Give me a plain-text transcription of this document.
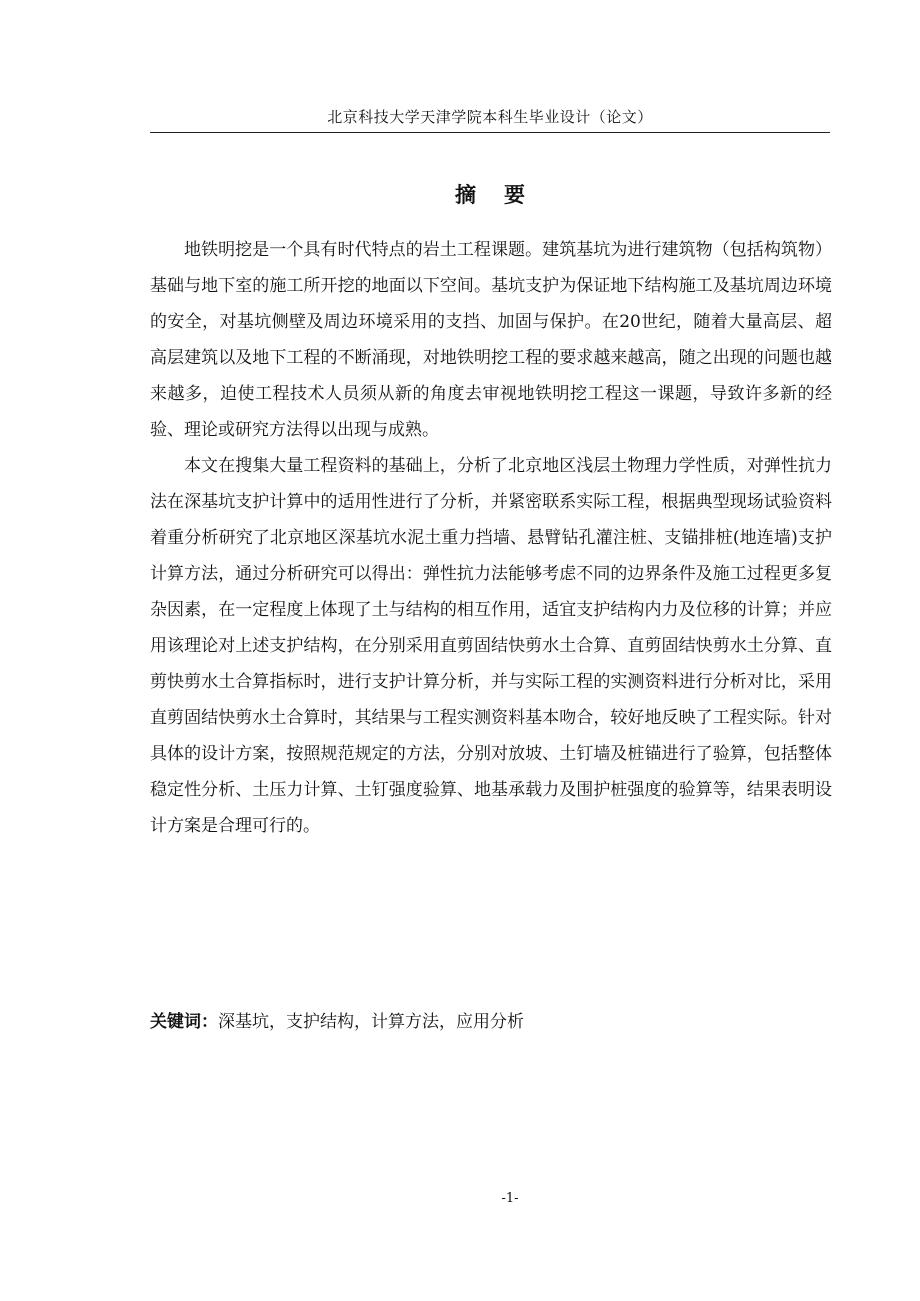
北京科技大学天津学院本科生毕业设计（论文）
摘要

地铁明挖是一个具有时代特点的岩土工程课题。建筑基坑为进行建筑物（包括构筑物）基础与地下室的施工所开挖的地面以下空间。基坑支护为保证地下结构施工及基坑周边环境的安全，对基坑侧壁及周边环境采用的支挡、加固与保护。在20世纪，随着大量高层、超高层建筑以及地下工程的不断涌现，对地铁明挖工程的要求越来越高，随之出现的问题也越来越多，迫使工程技术人员须从新的角度去审视地铁明挖工程这一课题，导致许多新的经验、理论或研究方法得以出现与成熟。

本文在搜集大量工程资料的基础上，分析了北京地区浅层土物理力学性质，对弹性抗力法在深基坑支护计算中的适用性进行了分析，并紧密联系实际工程，根据典型现场试验资料着重分析研究了北京地区深基坑水泥土重力挡墙、悬臂钻孔灌注桩、支锚排桩(地连墙)支护计算方法，通过分析研究可以得出：弹性抗力法能够考虑不同的边界条件及施工过程更多复杂因素，在一定程度上体现了土与结构的相互作用，适宜支护结构内力及位移的计算；并应用该理论对上述支护结构，在分别采用直剪固结快剪水土合算、直剪固结快剪水土分算、直剪快剪水土合算指标时，进行支护计算分析，并与实际工程的实测资料进行分析对比，采用直剪固结快剪水土合算时，其结果与工程实测资料基本吻合，较好地反映了工程实际。针对具体的设计方案，按照规范规定的方法，分别对放坡、土钉墙及桩锚进行了验算，包括整体稳定性分析、土压力计算、土钉强度验算、地基承载力及围护桩强度的验算等，结果表明设计方案是合理可行的。

关键词：深基坑，支护结构，计算方法，应用分析
-1-
